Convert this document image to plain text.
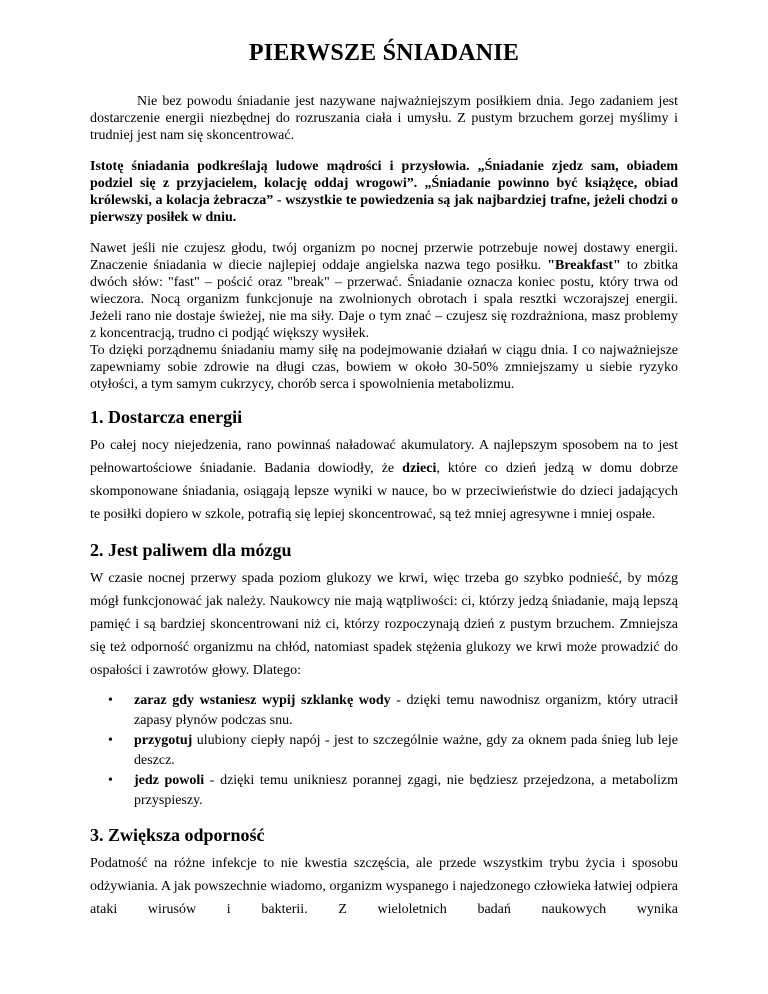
PIERWSZE ŚNIADANIE

Nie bez powodu śniadanie jest nazywane najważniejszym posiłkiem dnia. Jego zadaniem jest dostarczenie energii niezbędnej do rozruszania ciała i umysłu. Z pustym brzuchem gorzej myślimy i trudniej jest nam się skoncentrować.

Istotę śniadania podkreślają ludowe mądrości i przysłowia. „Śniadanie zjedz sam, obiadem podziel się z przyjacielem, kolację oddaj wrogowi”. „Śniadanie powinno być książęce, obiad królewski, a kolacja żebracza” - wszystkie te powiedzenia są jak najbardziej trafne, jeżeli chodzi o pierwszy posiłek w dniu.

Nawet jeśli nie czujesz głodu, twój organizm po nocnej przerwie potrzebuje nowej dostawy energii. Znaczenie śniadania w diecie najlepiej oddaje angielska nazwa tego posiłku. "Breakfast" to zbitka dwóch słów: "fast" – pościć oraz "break" – przerwać. Śniadanie oznacza koniec postu, który trwa od wieczora. Nocą organizm funkcjonuje na zwolnionych obrotach i spala resztki wczorajszej energii. Jeżeli rano nie dostaje świeżej, nie ma siły. Daje o tym znać – czujesz się rozdrażniona, masz problemy z koncentracją, trudno ci podjąć większy wysiłek.

To dzięki porządnemu śniadaniu mamy siłę na podejmowanie działań w ciągu dnia. I co najważniejsze zapewniamy sobie zdrowie na długi czas, bowiem w około 30-50% zmniejszamy u siebie ryzyko otyłości, a tym samym cukrzycy, chorób serca i spowolnienia metabolizmu.

1. Dostarcza energii

Po całej nocy niejedzenia, rano powinnaś naładować akumulatory. A najlepszym sposobem na to jest pełnowartościowe śniadanie. Badania dowiodły, że dzieci, które co dzień jedzą w domu dobrze skomponowane śniadania, osiągają lepsze wyniki w nauce, bo w przeciwieństwie do dzieci jadających te posiłki dopiero w szkole, potrafią się lepiej skoncentrować, są też mniej agresywne i mniej ospałe.

2. Jest paliwem dla mózgu

W czasie nocnej przerwy spada poziom glukozy we krwi, więc trzeba go szybko podnieść, by mózg mógł funkcjonować jak należy. Naukowcy nie mają wątpliwości: ci, którzy jedzą śniadanie, mają lepszą pamięć i są bardziej skoncentrowani niż ci, którzy rozpoczynają dzień z pustym brzuchem. Zmniejsza się też odporność organizmu na chłód, natomiast spadek stężenia glukozy we krwi może prowadzić do ospałości i zawrotów głowy. Dlatego:

• zaraz gdy wstaniesz wypij szklankę wody - dzięki temu nawodnisz organizm, który utracił zapasy płynów podczas snu.
• przygotuj ulubiony ciepły napój - jest to szczególnie ważne, gdy za oknem pada śnieg lub leje deszcz.
• jedz powoli - dzięki temu unikniesz porannej zgagi, nie będziesz przejedzona, a metabolizm przyspieszy.
3. Zwiększa odporność

Podatność na różne infekcje to nie kwestia szczęścia, ale przede wszystkim trybu życia i sposobu odżywiania. A jak powszechnie wiadomo, organizm wyspanego i najedzonego człowieka łatwiej odpiera ataki wirusów i bakterii. Z wieloletnich badań naukowych wynika
